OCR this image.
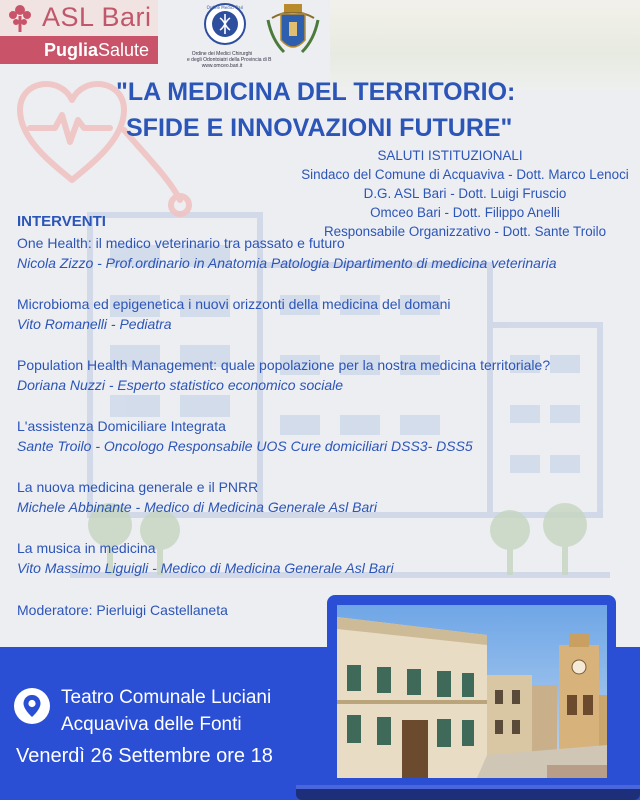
ASL Bari
PugliaSalute
Ordine Medici Bari
Ordine dei Medici Chirurghi
e degli Odontoiatri della Provincia di B
www.omceo.bari.it
"LA MEDICINA DEL TERRITORIO:
SFIDE E INNOVAZIONI FUTURE"
SALUTI ISTITUZIONALI
Sindaco del Comune di Acquaviva - Dott. Marco Lenoci
D.G. ASL Bari - Dott. Luigi Fruscio
Omceo Bari - Dott. Filippo Anelli
Responsabile Organizzativo - Dott. Sante Troilo
INTERVENTI
One Health: il medico veterinario tra passato e futuro
Nicola Zizzo - Prof.ordinario in Anatomia Patologia Dipartimento di medicina veterinaria
Microbioma ed epigenetica i nuovi orizzonti della medicina del domani
Vito Romanelli - Pediatra
Population Health Management: quale popolazione per la nostra medicina territoriale?
Doriana Nuzzi - Esperto statistico economico sociale
L'assistenza Domiciliare Integrata
Sante Troilo - Oncologo Responsabile UOS Cure domiciliari DSS3- DSS5
La nuova medicina generale e il PNRR
Michele Abbinante - Medico di Medicina Generale Asl Bari
La musica in medicina
Vito Massimo Liguigli - Medico di Medicina Generale Asl Bari
Moderatore: Pierluigi Castellaneta
Teatro Comunale Luciani
Acquaviva delle Fonti
Venerdì 26 Settembre ore 18
